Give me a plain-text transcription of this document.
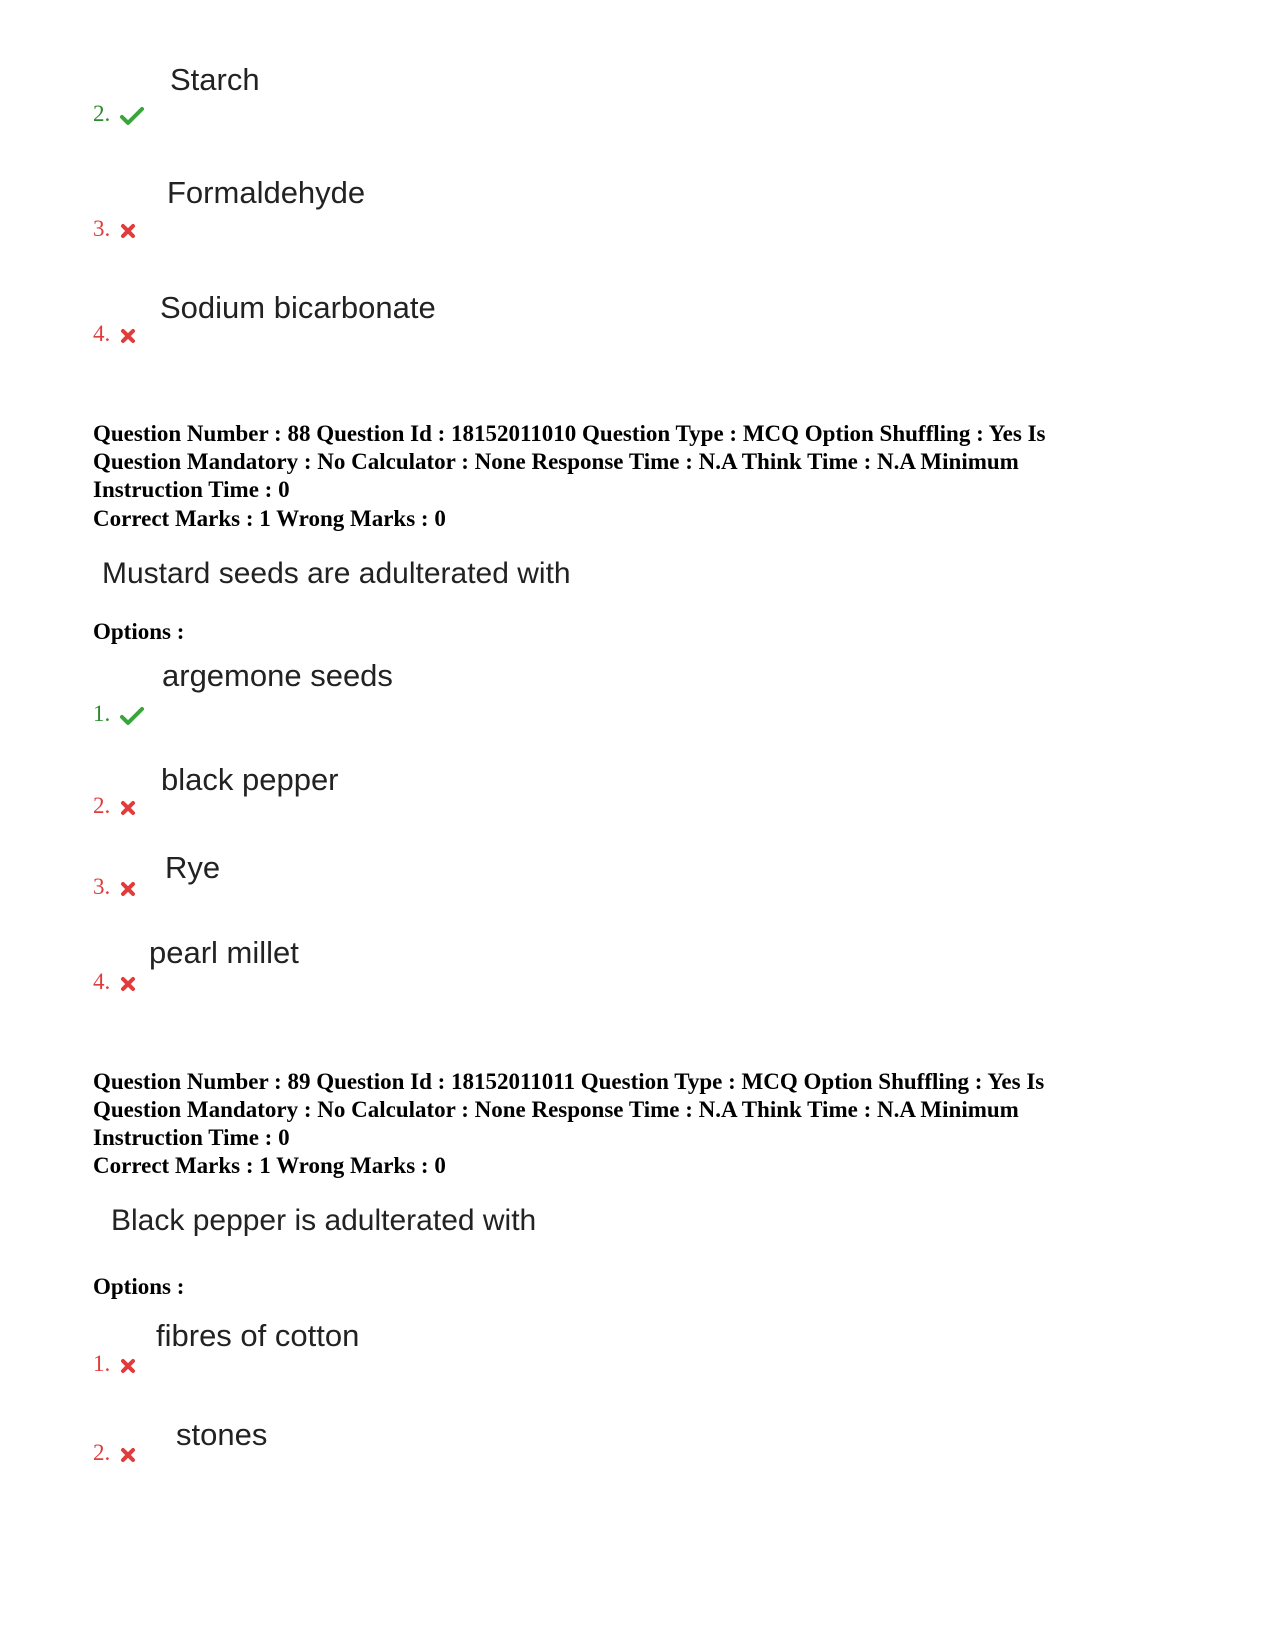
Starch
2.
Formaldehyde
3.
Sodium bicarbonate
4.
Question Number : 88 Question Id : 18152011010 Question Type : MCQ Option Shuffling : Yes Is
Question Mandatory : No Calculator : None Response Time : N.A Think Time : N.A Minimum
Instruction Time : 0
Correct Marks : 1 Wrong Marks : 0
Mustard seeds are adulterated with
Options :
argemone seeds
1.
black pepper
2.
Rye
3.
pearl millet
4.
Question Number : 89 Question Id : 18152011011 Question Type : MCQ Option Shuffling : Yes Is
Question Mandatory : No Calculator : None Response Time : N.A Think Time : N.A Minimum
Instruction Time : 0
Correct Marks : 1 Wrong Marks : 0
Black pepper is adulterated with
Options :
fibres of cotton
1.
stones
2.
